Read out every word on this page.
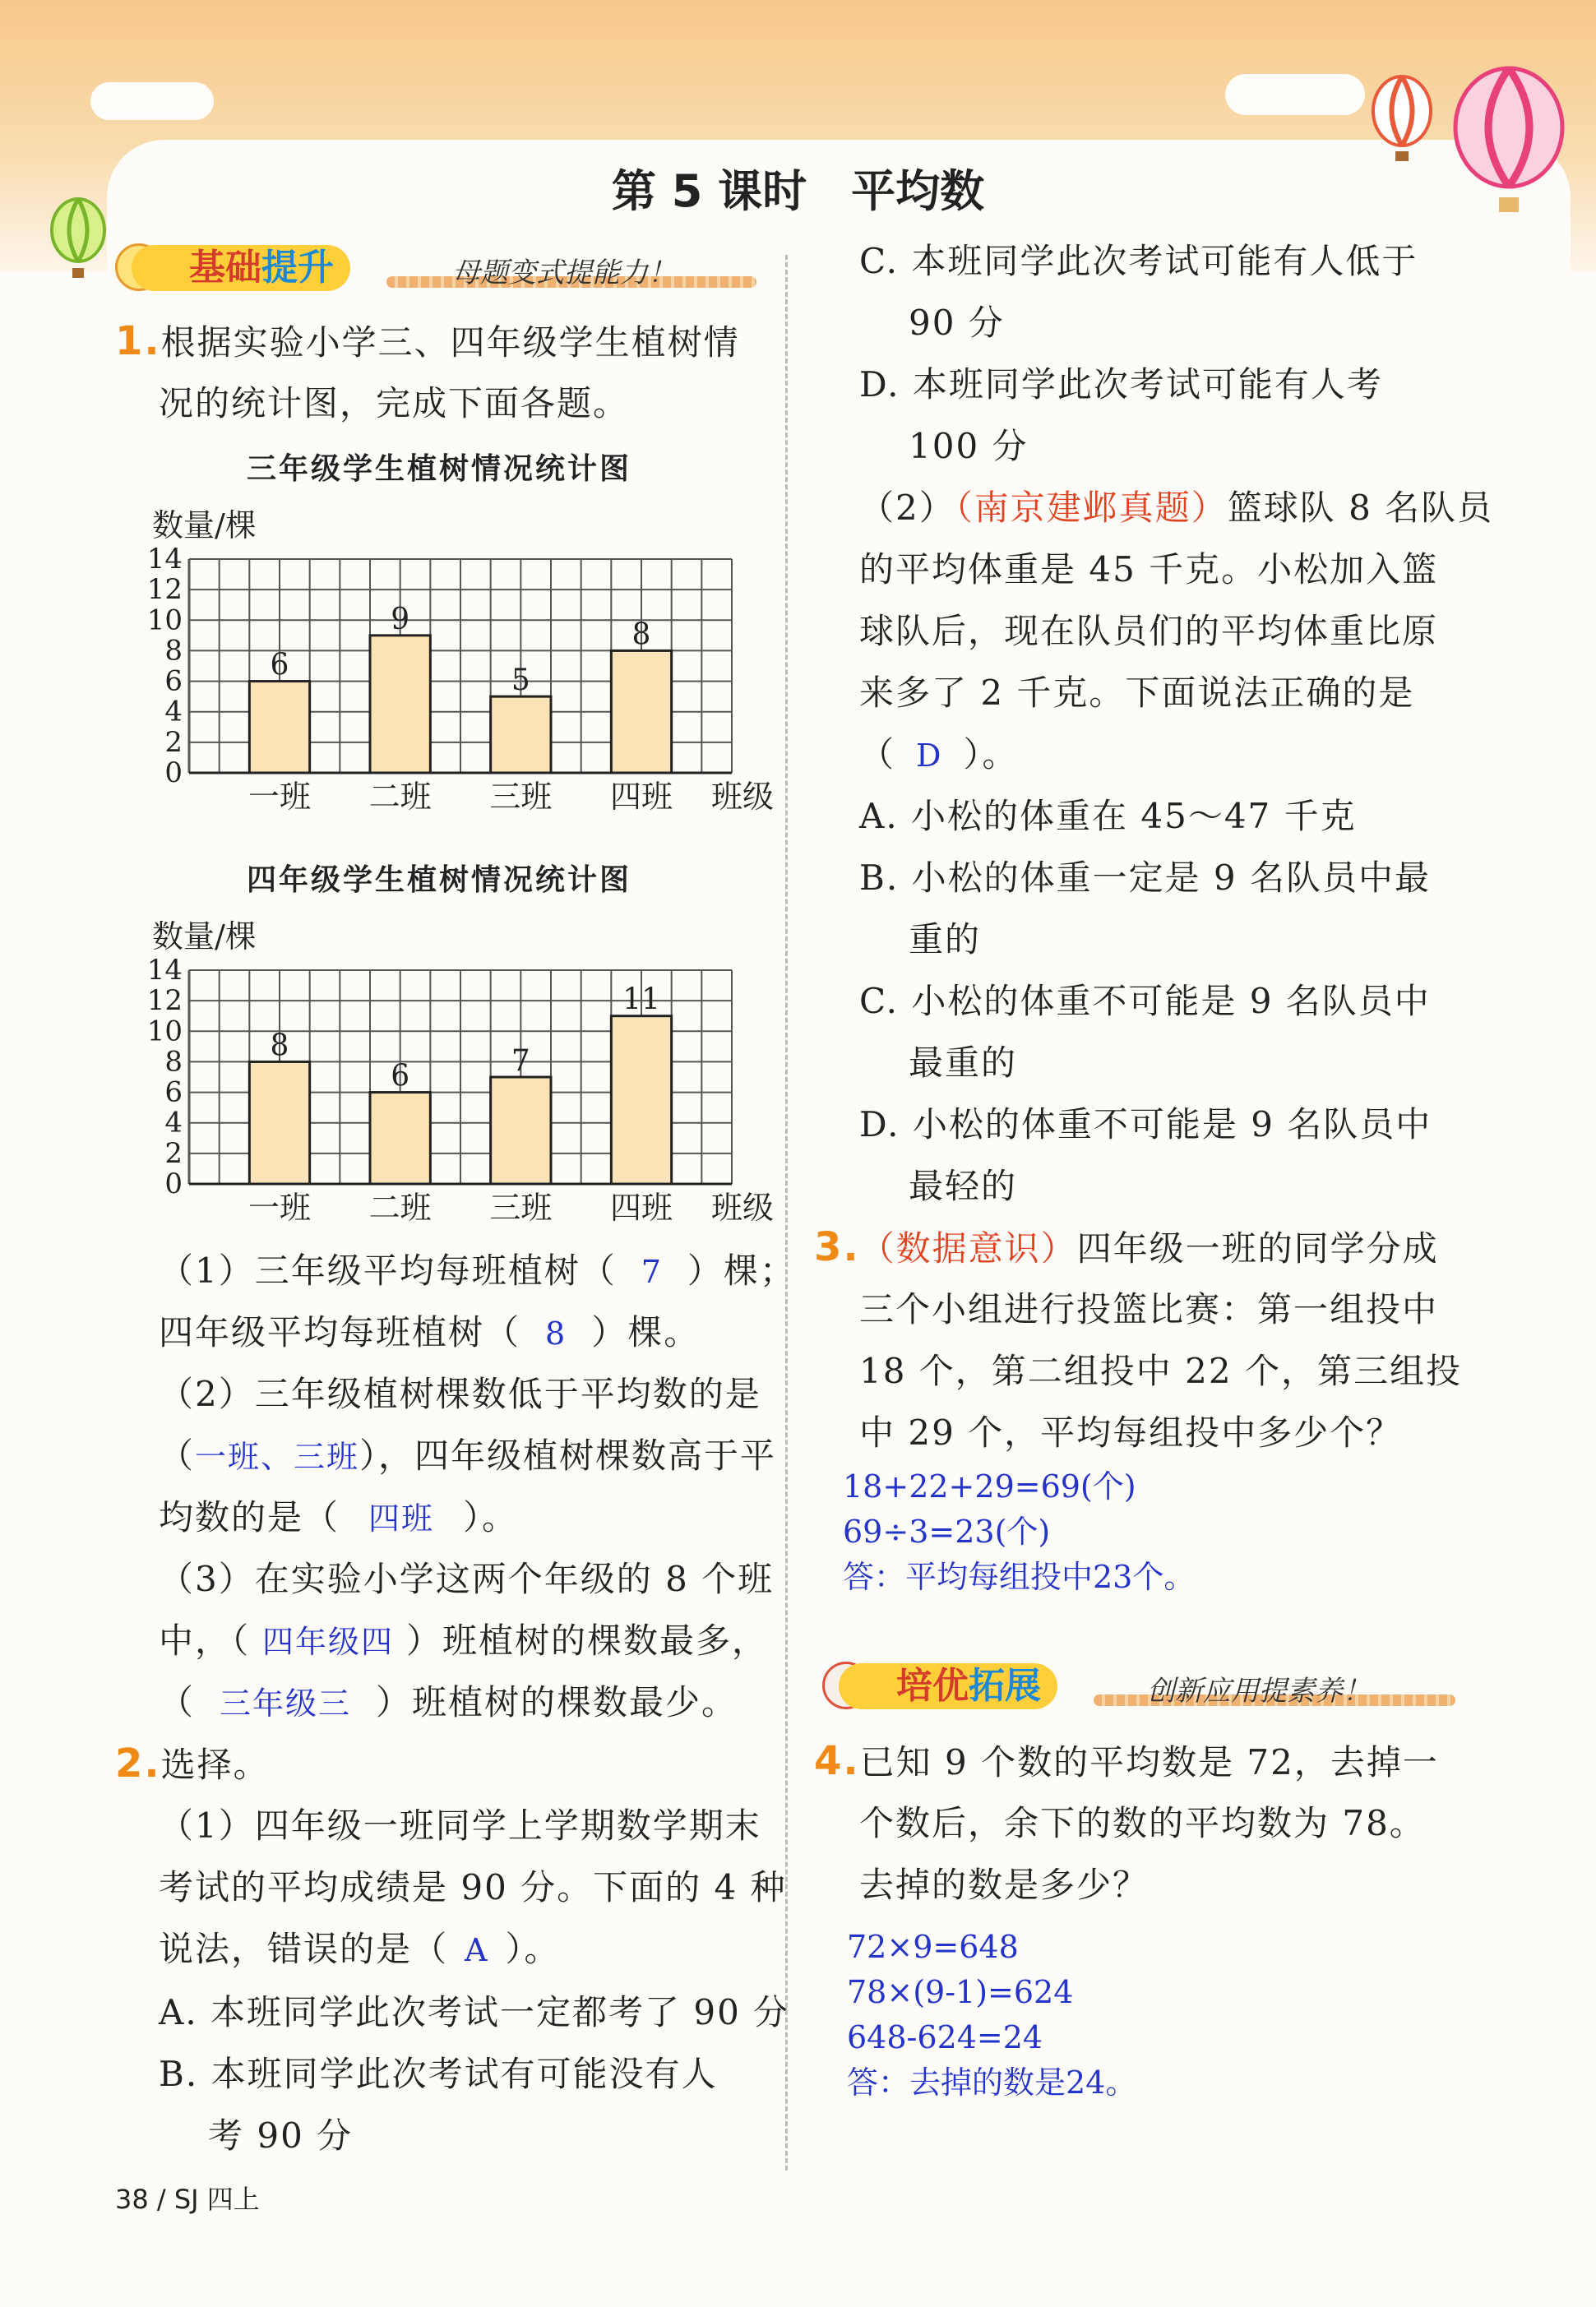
第 5 课时　平均数
基础提升	母题变式提能力！
1.根据实验小学三、四年级学生植树情
况的统计图，完成下面各题。
三年级学生植树情况统计图
数量/棵
0
2
4
6
8
10
12
14
6
一班
9
二班
5
三班
8
四班 班级
四年级学生植树情况统计图
数量/棵
0
2
4
6
8
10
12
14
8
一班
6
二班
7
三班
11
四班 班级
（1）三年级平均每班植树（ 7 ）棵；
四年级平均每班植树（ 8 ）棵。
（2）三年级植树棵数低于平均数的是
（一班、三班），四年级植树棵数高于平
均数的是（ 四班 ）。
（3）在实验小学这两个年级的 8 个班
中，（ 四年级四 ）班植树的棵数最多，
（ 三年级三 ）班植树的棵数最少。
2.选择。
（1）四年级一班同学上学期数学期末
考试的平均成绩是 90 分。下面的 4 种
说法，错误的是（ A ）。
A. 本班同学此次考试一定都考了 90 分
B. 本班同学此次考试有可能没有人
考 90 分
C. 本班同学此次考试可能有人低于
90 分
D. 本班同学此次考试可能有人考
100 分
（2）（南京建邺真题）篮球队 8 名队员
的平均体重是 45 千克。小松加入篮
球队后，现在队员们的平均体重比原
来多了 2 千克。下面说法正确的是
（ D ）。
A. 小松的体重在 45～47 千克
B. 小松的体重一定是 9 名队员中最
重的
C. 小松的体重不可能是 9 名队员中
最重的
D. 小松的体重不可能是 9 名队员中
最轻的
3.（数据意识）四年级一班的同学分成
三个小组进行投篮比赛：第一组投中
18 个，第二组投中 22 个，第三组投
中 29 个，平均每组投中多少个？
18+22+29=69(个)
69÷3=23(个)
答：平均每组投中23个。
培优拓展	创新应用提素养！
4.已知 9 个数的平均数是 72，去掉一
个数后，余下的数的平均数为 78。
去掉的数是多少？
72×9=648
78×(9-1)=624
648-624=24
答：去掉的数是24。
38 / SJ 四上
